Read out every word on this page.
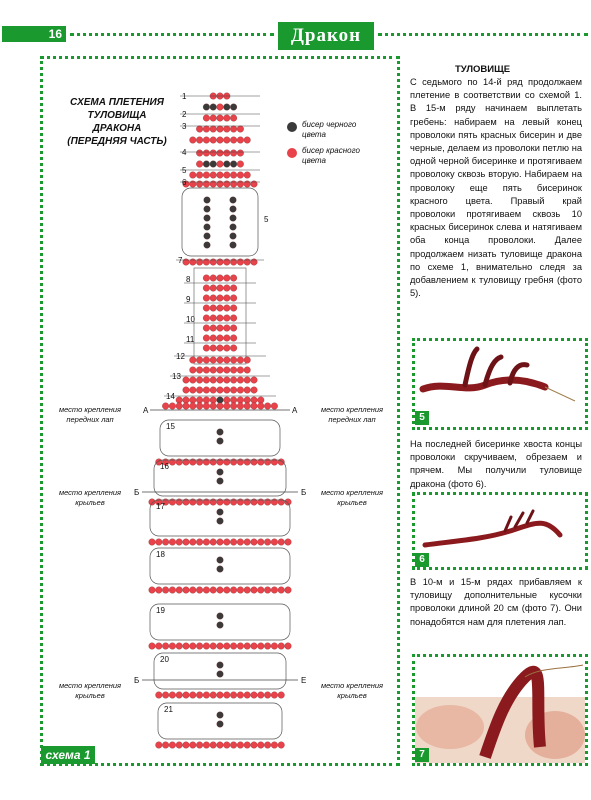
16	Дракон
СХЕМА ПЛЕТЕНИЯ ТУЛОВИЩА ДРАКОНА (ПЕРЕДНЯЯ ЧАСТЬ)
бисер черного цвета
бисер красного цвета
1
2
3
4
5
6
5
7
8
9
10
11
12
13
14
А	А
15
16
17
18
19
20
21
Б	Б
Б	Е
место крепления передних лап
место крепления передних лап
место крепления крыльев
место крепления крыльев
место крепления крыльев
место крепления крыльев
схема 1
ТУЛОВИЩЕ
С седьмого по 14-й ряд продолжаем плетение в соответствии со схемой 1. В 15-м ряду начинаем выплетать гребень: набираем на левый конец проволоки пять красных бисерин и две черные, делаем из проволоки петлю на одной черной бисеринке и протягиваем проволоку сквозь вторую. Набираем на проволоку еще пять бисеринок красного цвета. Правый край проволоки протягиваем сквозь 10 красных бисеринок слева и натягиваем оба конца проволоки. Далее продолжаем низать туловище дракона по схеме 1, внимательно следя за добавлением к туловищу гребня (фото 5).
5
На последней бисеринке хвоста концы проволоки скручиваем, обрезаем и прячем. Мы получили туловище дракона (фото 6).
6
В 10-м и 15-м рядах прибавляем к туловищу дополнительные кусочки проволоки длиной 20 см (фото 7). Они понадобятся нам для плетения лап.
7
